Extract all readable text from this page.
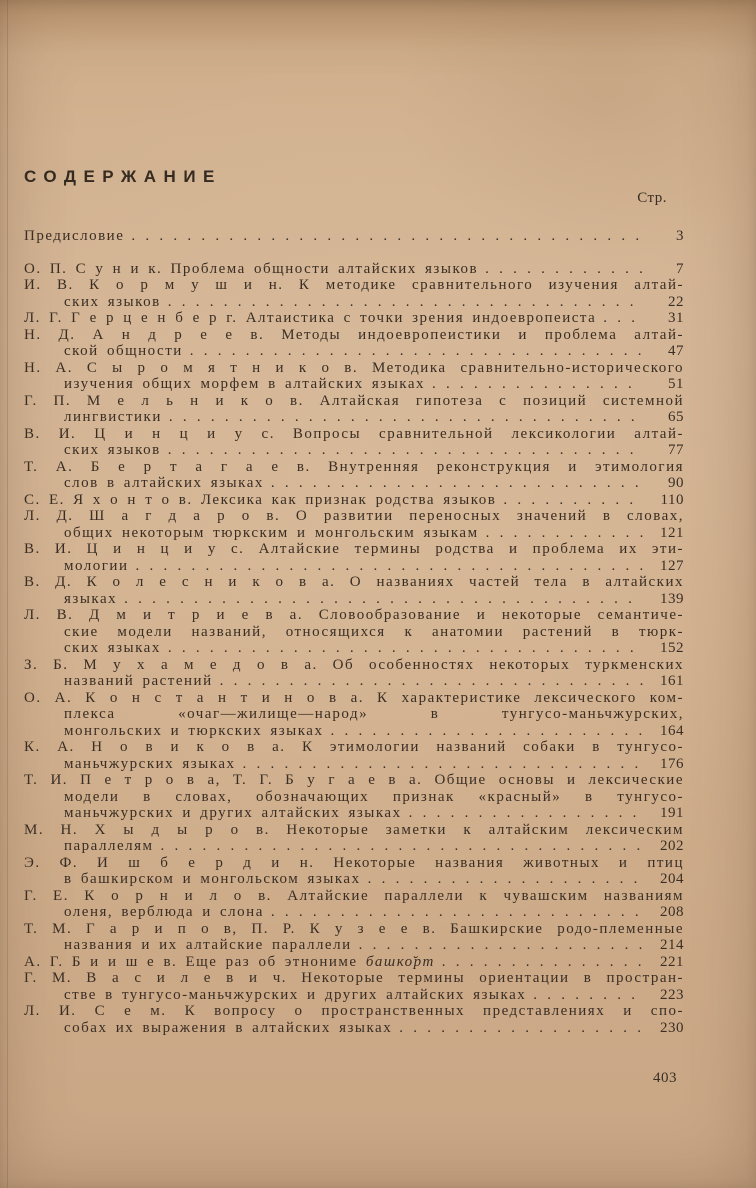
СОДЕРЖАНИЕ
Стр.
Предисловие . . .	3
О. П. С у н и к. Проблема общности алтайских языков . . .	7
И. В. К о р м у ш и н. К методике сравнительного изучения алтай-
ских языков . . .	22
Л. Г. Г е р ц е н б е р г. Алтаистика с точки зрения индоевропеиста . . .	31
Н. Д. А н д р е е в. Методы индоевропеистики и проблема алтай-
ской общности . . .	47
Н. А. С ы р о м я т н и к о в. Методика сравнительно-исторического
изучения общих морфем в алтайских языках . . .	51
Г. П. М е л ь н и к о в. Алтайская гипотеза с позиций системной
лингвистики . . .	65
В. И. Ц и н ц и у с. Вопросы сравнительной лексикологии алтай-
ских языков . . .	77
Т. А. Б е р т а г а е в. Внутренняя реконструкция и этимология
слов в алтайских языках . . .	90
С. Е. Я х о н т о в. Лексика как признак родства языков . . .	110
Л. Д. Ш а г д а р о в. О развитии переносных значений в словах,
общих некоторым тюркским и монгольским языкам . . .	121
В. И. Ц и н ц и у с. Алтайские термины родства и проблема их эти-
мологии . . .	127
В. Д. К о л е с н и к о в а. О названиях частей тела в алтайских
языках . . .	139
Л. В. Д м и т р и е в а. Словообразование и некоторые семантиче-
ские модели названий, относящихся к анатомии растений в тюрк-
ских языках . . .	152
З. Б. М у х а м е д о в а. Об особенностях некоторых туркменских
названий растений . . .	161
О. А. К о н с т а н т и н о в а. К характеристике лексического ком-
плекса «очаг—жилище—народ» в тунгусо-маньчжурских,
монгольских и тюркских языках . . .	164
К. А. Н о в и к о в а. К этимологии названий собаки в тунгусо-
маньчжурских языках . . .	176
Т. И. П е т р о в а, Т. Г. Б у г а е в а. Общие основы и лексические
модели в словах, обозначающих признак «красный» в тунгусо-
маньчжурских и других алтайских языках . . .	191
М. Н. Х ы д ы р о в. Некоторые заметки к алтайским лексическим
параллелям . . .	202
Э. Ф. И ш б е р д и н. Некоторые названия животных и птиц
в башкирском и монгольском языках . . .	204
Г. Е. К о р н и л о в. Алтайские параллели к чувашским названиям
оленя, верблюда и слона . . .	208
Т. М. Г а р и п о в, П. Р. К у з е е в. Башкирские родо-племенные
названия и их алтайские параллели . . .	214
А. Г. Б и и ш е в. Еще раз об этнониме башко̆рт . . .	221
Г. М. В а с и л е в и ч. Некоторые термины ориентации в простран-
стве в тунгусо-маньчжурских и других алтайских языках . . .	223
Л. И. С е м. К вопросу о пространственных представлениях и спо-
собах их выражения в алтайских языках . . .	230
403
